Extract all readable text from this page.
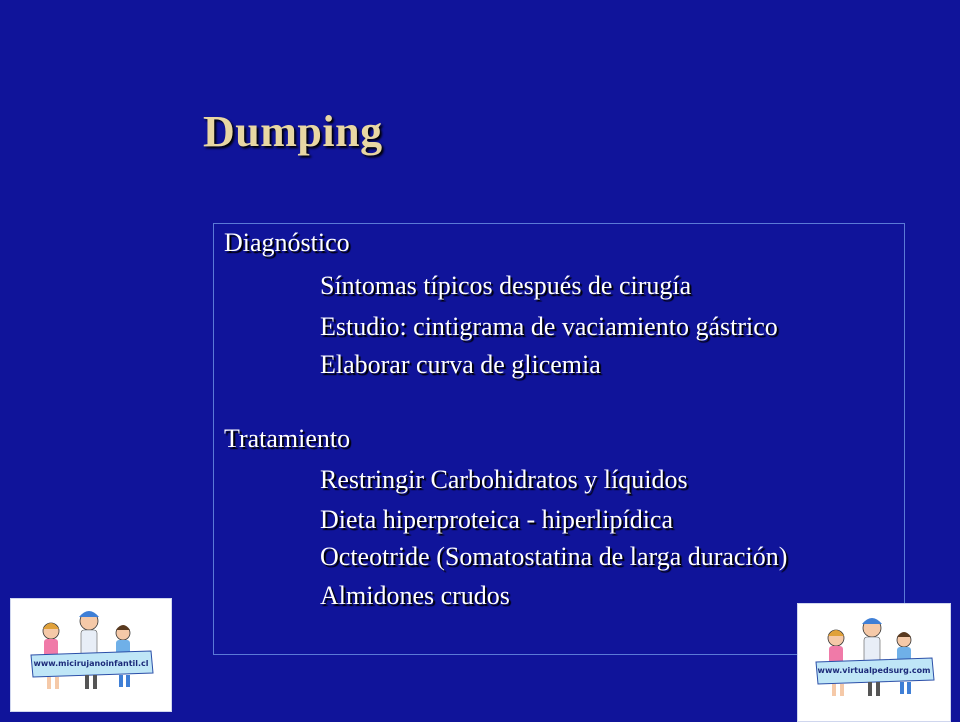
Dumping
Diagnóstico
Síntomas típicos después de cirugía
Estudio: cintigrama de vaciamiento gástrico
Elaborar curva de glicemia
Tratamiento
Restringir Carbohidratos y líquidos
Dieta hiperproteica - hiperlipídica
Octeotride (Somatostatina de larga duración)
Almidones crudos
www.micirujanoinfantil.cl
www.virtualpedsurg.com
